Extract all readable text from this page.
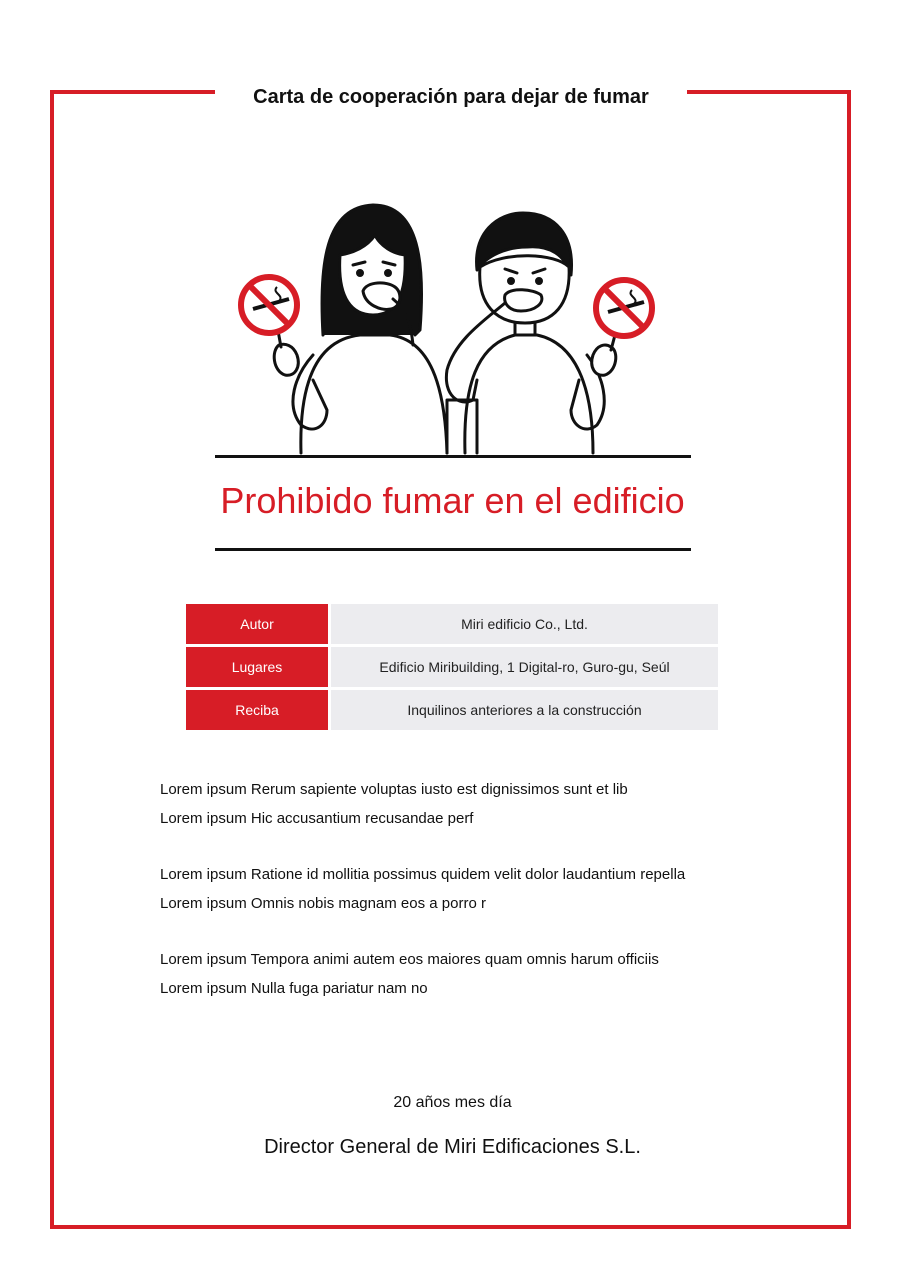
Carta de cooperación para dejar de fumar
Prohibido fumar en el edificio
Autor	Miri edificio Co., Ltd.
Lugares	Edificio Miribuilding, 1 Digital-ro, Guro-gu, Seúl
Reciba	Inquilinos anteriores a la construcción
Lorem ipsum Rerum sapiente voluptas iusto est dignissimos sunt et lib
Lorem ipsum Hic accusantium recusandae perf
Lorem ipsum Ratione id mollitia possimus quidem velit dolor laudantium repella
Lorem ipsum Omnis nobis magnam eos a porro r
Lorem ipsum Tempora animi autem eos maiores quam omnis harum officiis
Lorem ipsum Nulla fuga pariatur nam no
20 años mes día
Director General de Miri Edificaciones S.L.
